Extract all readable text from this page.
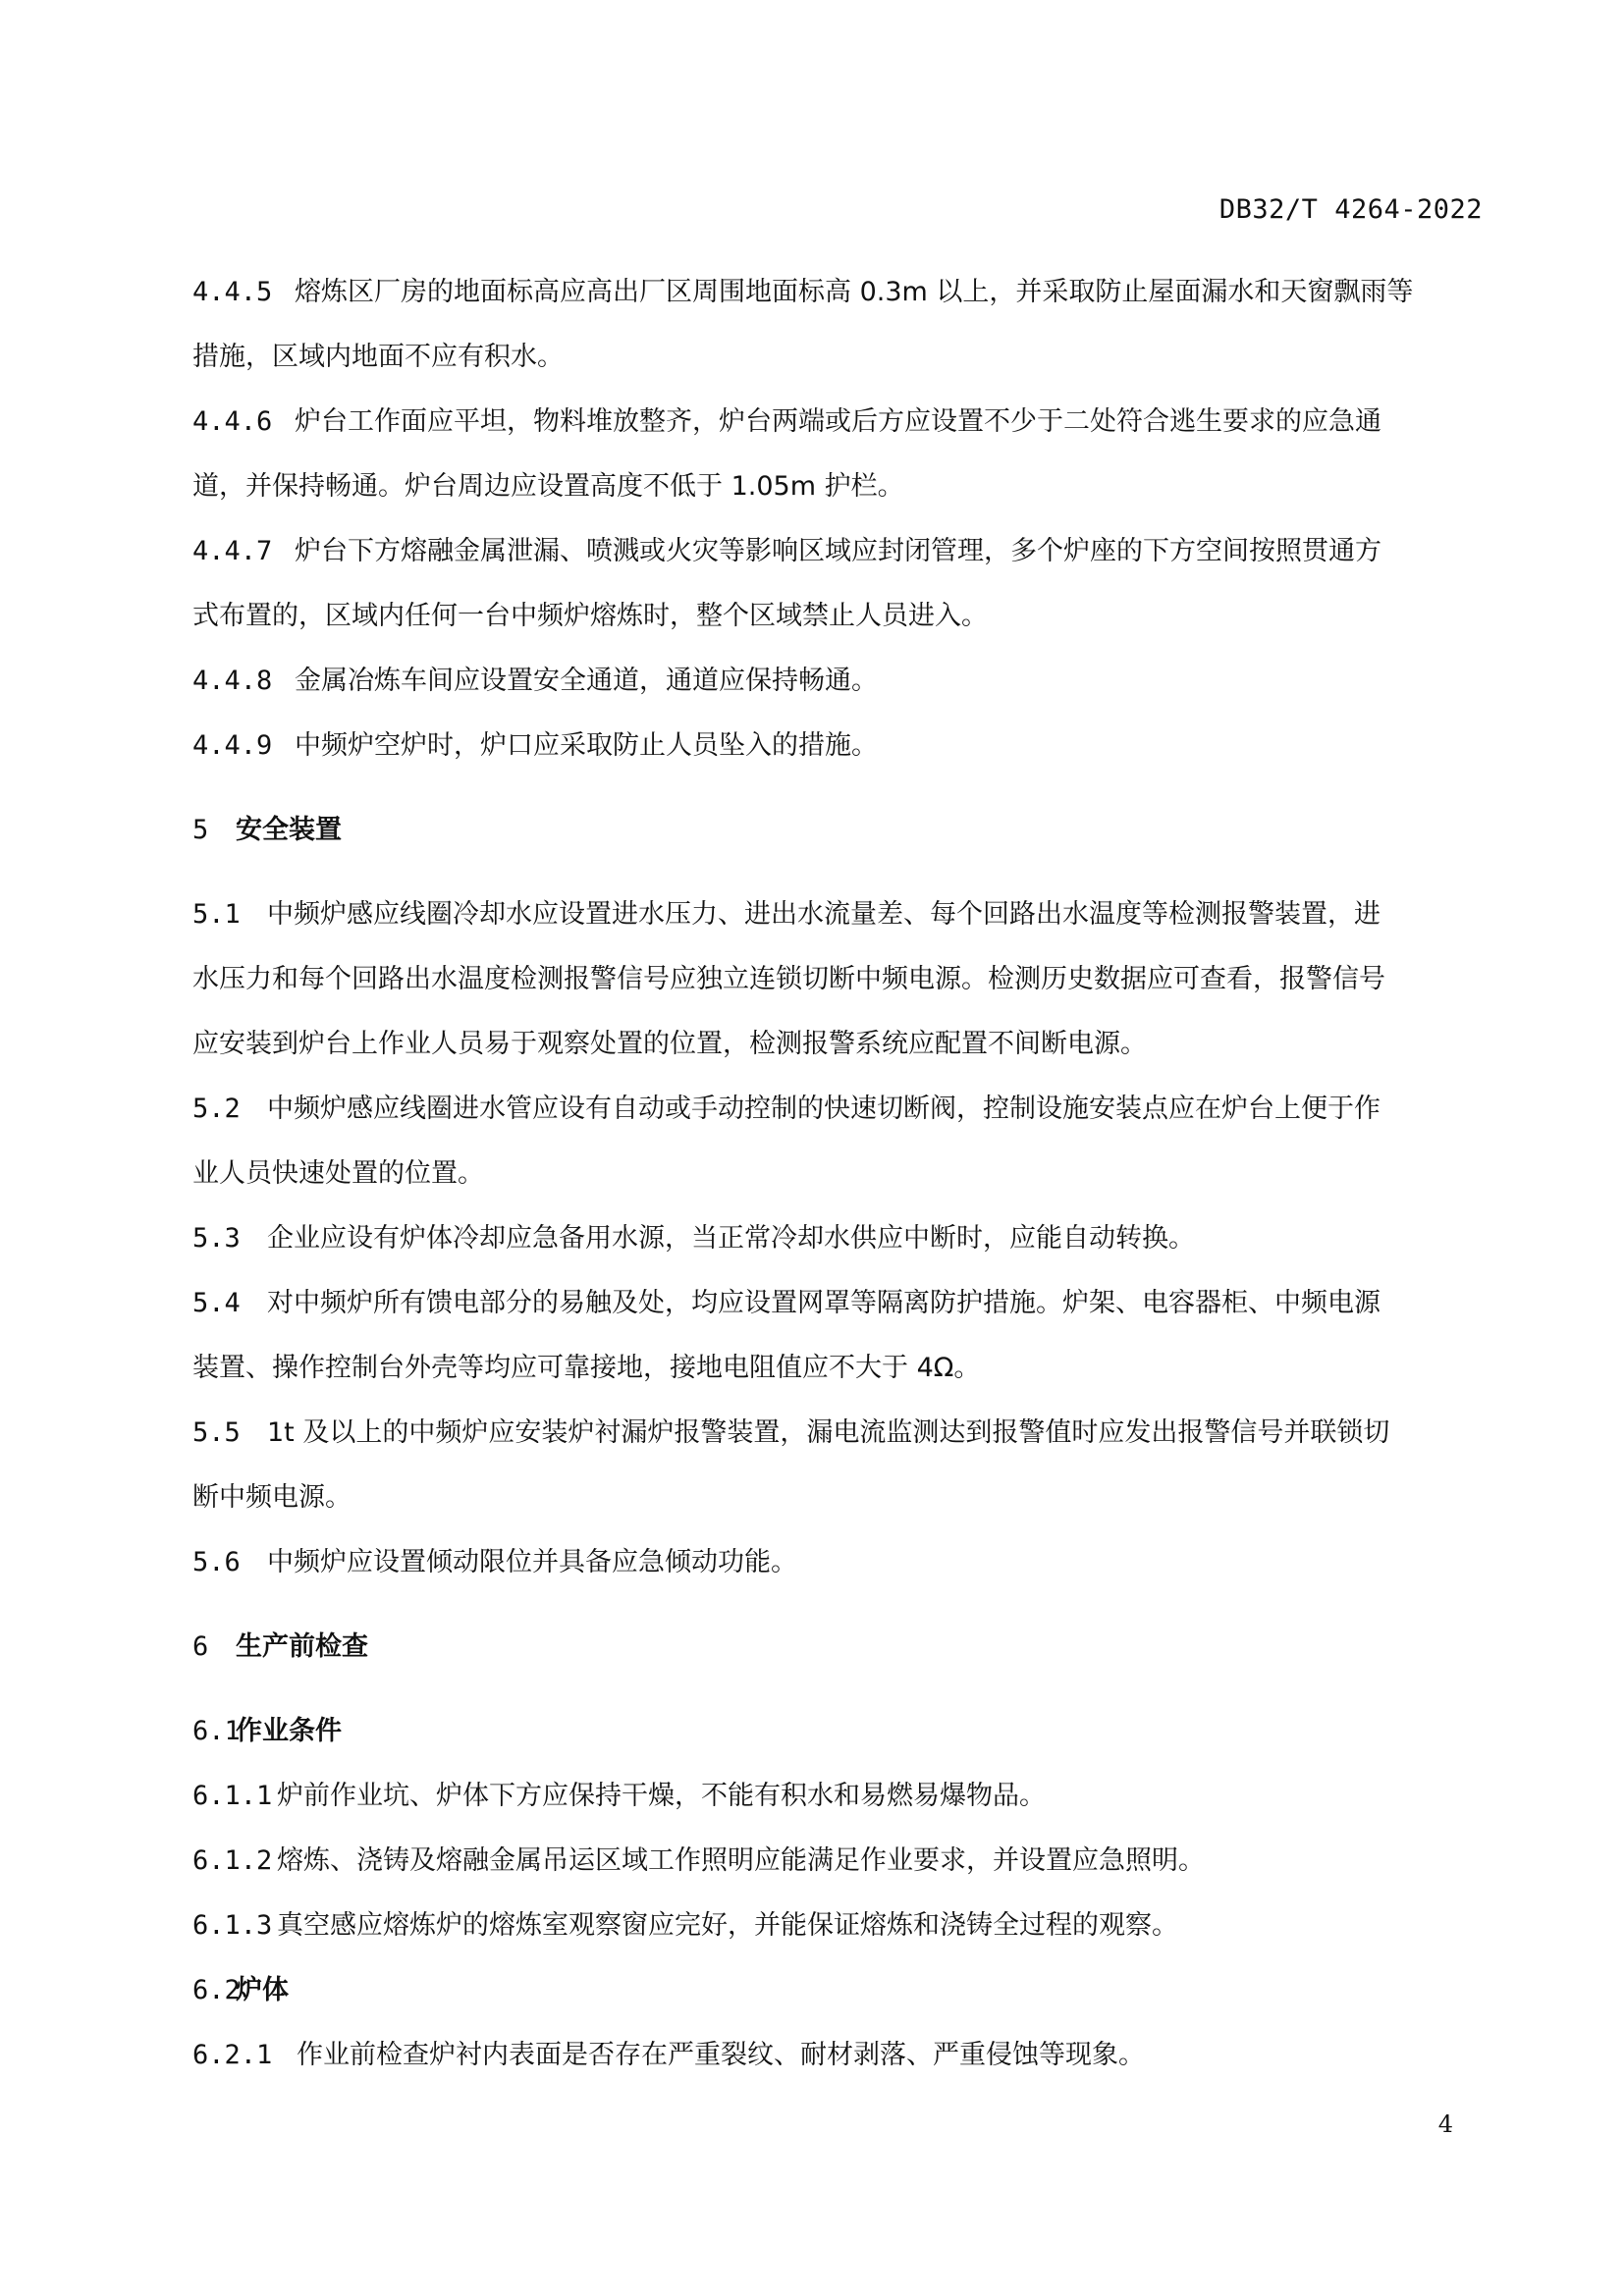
DB32/T 4264-2022

4.4.5 熔炼区厂房的地面标高应高出厂区周围地面标高 0.3m 以上，并采取防止屋面漏水和天窗飘雨等

措施，区域内地面不应有积水。

4.4.6 炉台工作面应平坦，物料堆放整齐，炉台两端或后方应设置不少于二处符合逃生要求的应急通

道，并保持畅通。炉台周边应设置高度不低于 1.05m 护栏。

4.4.7 炉台下方熔融金属泄漏、喷溅或火灾等影响区域应封闭管理，多个炉座的下方空间按照贯通方

式布置的，区域内任何一台中频炉熔炼时，整个区域禁止人员进入。

4.4.8 金属冶炼车间应设置安全通道，通道应保持畅通。

4.4.9 中频炉空炉时，炉口应采取防止人员坠入的措施。

5 安全装置

5.1 中频炉感应线圈冷却水应设置进水压力、进出水流量差、每个回路出水温度等检测报警装置，进

水压力和每个回路出水温度检测报警信号应独立连锁切断中频电源。检测历史数据应可查看，报警信号

应安装到炉台上作业人员易于观察处置的位置，检测报警系统应配置不间断电源。

5.2 中频炉感应线圈进水管应设有自动或手动控制的快速切断阀，控制设施安装点应在炉台上便于作

业人员快速处置的位置。

5.3 企业应设有炉体冷却应急备用水源，当正常冷却水供应中断时，应能自动转换。

5.4 对中频炉所有馈电部分的易触及处，均应设置网罩等隔离防护措施。炉架、电容器柜、中频电源

装置、操作控制台外壳等均应可靠接地，接地电阻值应不大于 4Ω。

5.5 1t 及以上的中频炉应安装炉衬漏炉报警装置，漏电流监测达到报警值时应发出报警信号并联锁切

断中频电源。

5.6 中频炉应设置倾动限位并具备应急倾动功能。

6 生产前检查

6.1作业条件

6.1.1 炉前作业坑、炉体下方应保持干燥，不能有积水和易燃易爆物品。

6.1.2 熔炼、浇铸及熔融金属吊运区域工作照明应能满足作业要求，并设置应急照明。

6.1.3 真空感应熔炼炉的熔炼室观察窗应完好，并能保证熔炼和浇铸全过程的观察。

6.2炉体

6.2.1 作业前检查炉衬内表面是否存在严重裂纹、耐材剥落、严重侵蚀等现象。

4
